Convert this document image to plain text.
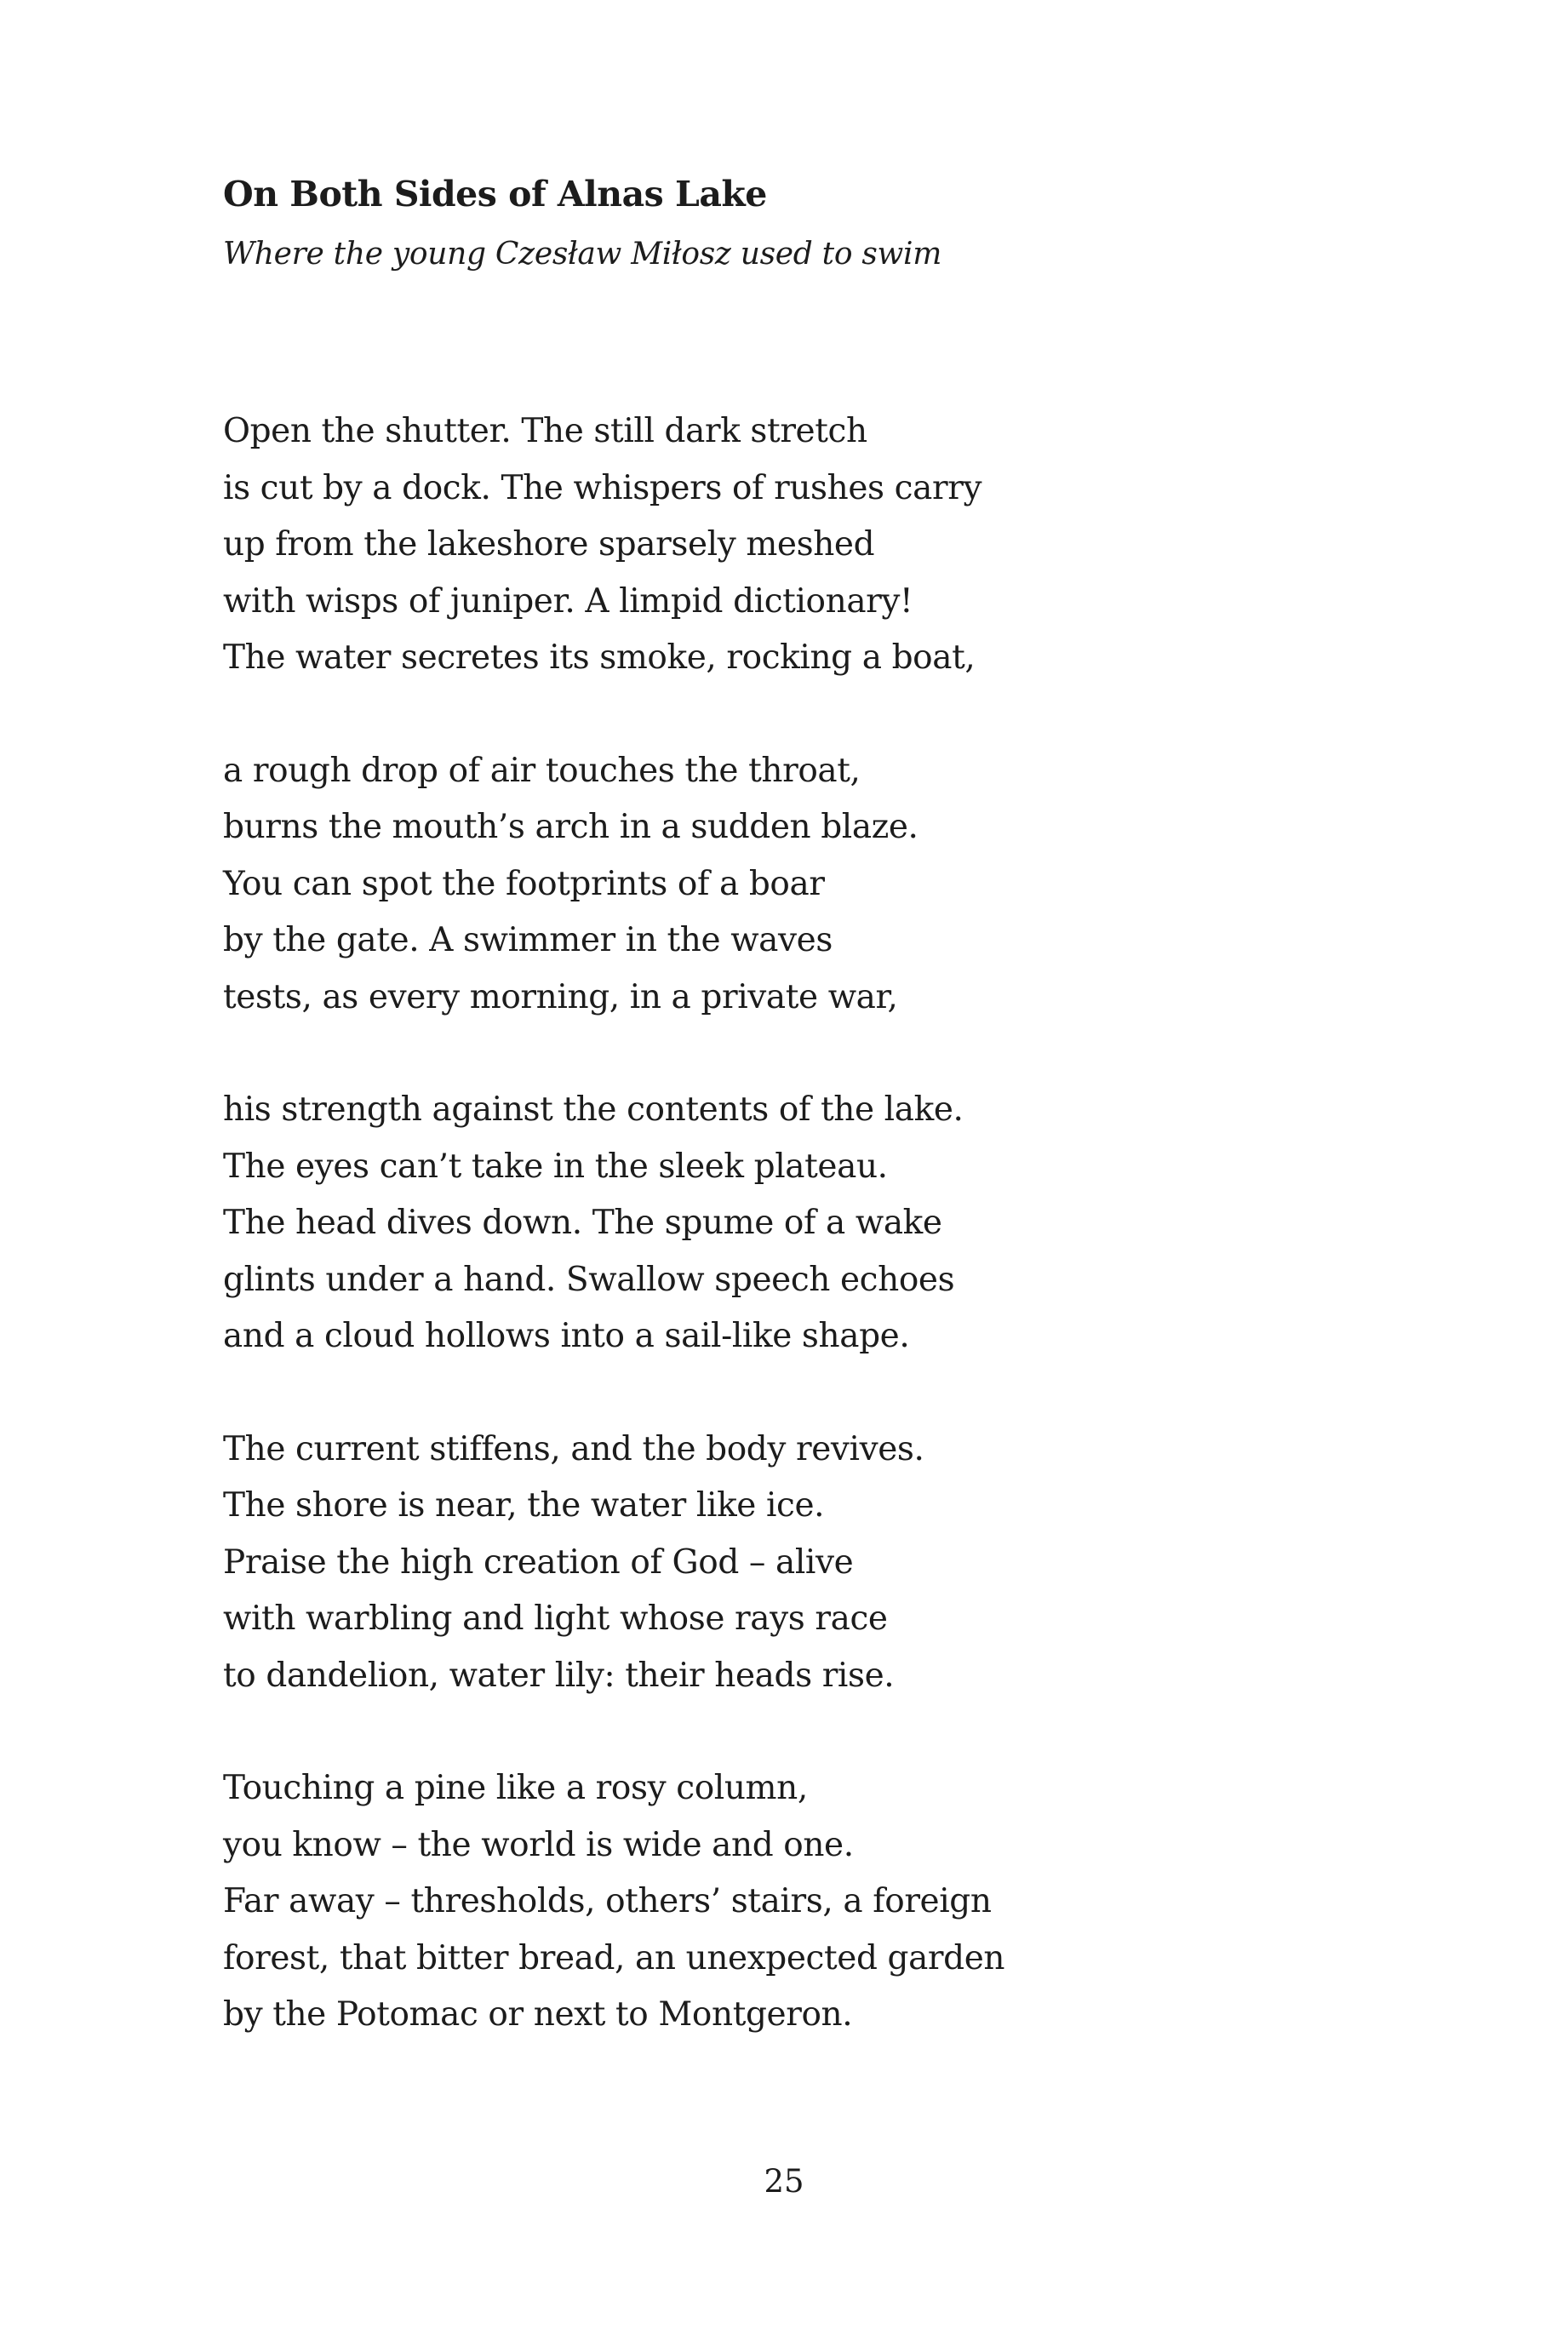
On Both Sides of Alnas Lake

Where the young Czesław Miłosz used to swim

Open the shutter. The still dark stretch
is cut by a dock. The whispers of rushes carry
up from the lakeshore sparsely meshed
with wisps of juniper. A limpid dictionary!
The water secretes its smoke, rocking a boat,
a rough drop of air touches the throat,
burns the mouth’s arch in a sudden blaze.
You can spot the footprints of a boar
by the gate. A swimmer in the waves
tests, as every morning, in a private war,
his strength against the contents of the lake.
The eyes can’t take in the sleek plateau.
The head dives down. The spume of a wake
glints under a hand. Swallow speech echoes
and a cloud hollows into a sail-like shape.
The current stiffens, and the body revives.
The shore is near, the water like ice.
Praise the high creation of God – alive
with warbling and light whose rays race
to dandelion, water lily: their heads rise.
Touching a pine like a rosy column,
you know – the world is wide and one.
Far away – thresholds, others’ stairs, a foreign
forest, that bitter bread, an unexpected garden
by the Potomac or next to Montgeron.
25
